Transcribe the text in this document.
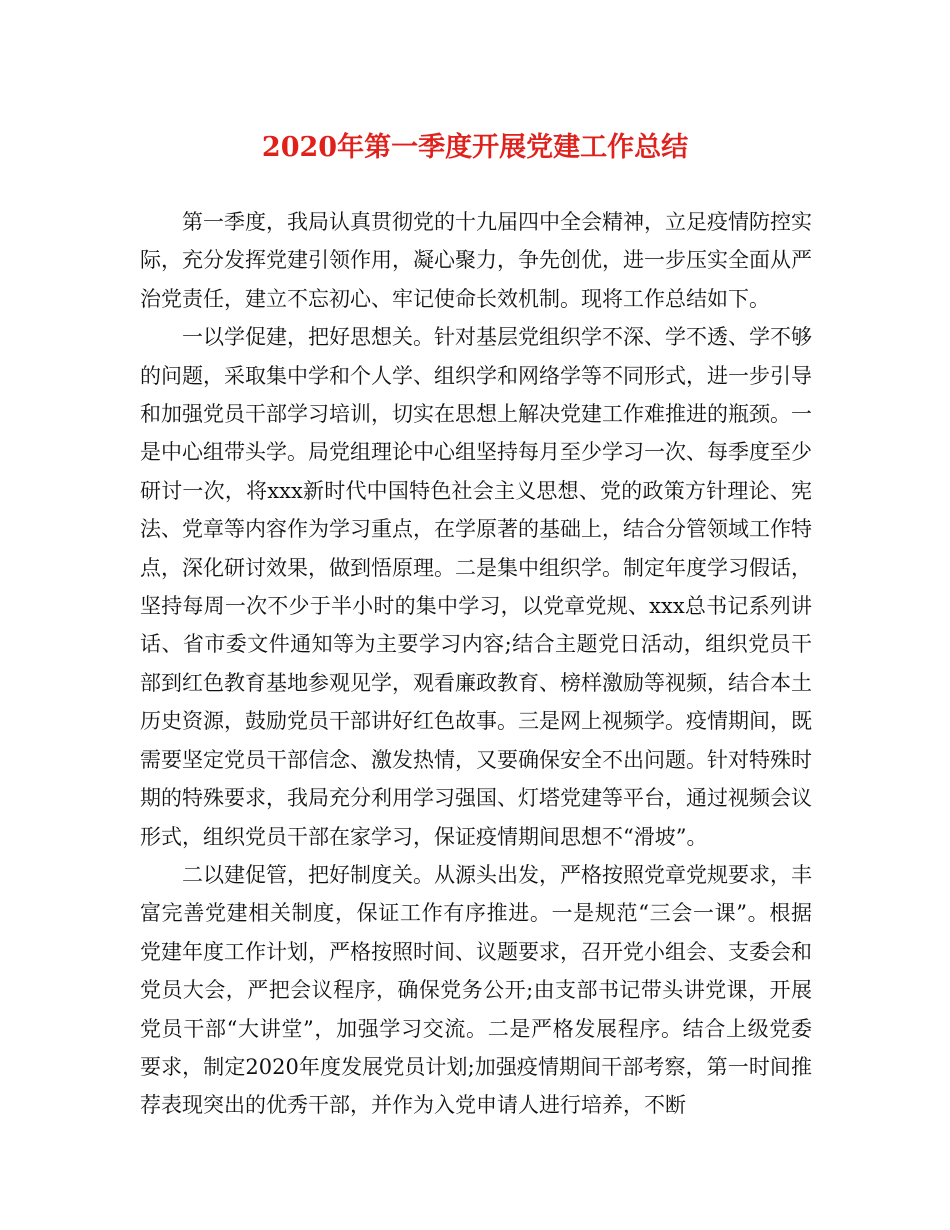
2020年第一季度开展党建工作总结

第一季度，我局认真贯彻党的十九届四中全会精神，立足疫情防控实际，充分发挥党建引领作用，凝心聚力，争先创优，进一步压实全面从严治党责任，建立不忘初心、牢记使命长效机制。现将工作总结如下。

一以学促建，把好思想关。针对基层党组织学不深、学不透、学不够的问题，采取集中学和个人学、组织学和网络学等不同形式，进一步引导和加强党员干部学习培训，切实在思想上解决党建工作难推进的瓶颈。一是中心组带头学。局党组理论中心组坚持每月至少学习一次、每季度至少研讨一次，将xxx新时代中国特色社会主义思想、党的政策方针理论、宪法、党章等内容作为学习重点，在学原著的基础上，结合分管领域工作特点，深化研讨效果，做到悟原理。二是集中组织学。制定年度学习假话，坚持每周一次不少于半小时的集中学习，以党章党规、xxx总书记系列讲话、省市委文件通知等为主要学习内容;结合主题党日活动，组织党员干部到红色教育基地参观见学，观看廉政教育、榜样激励等视频，结合本土历史资源，鼓励党员干部讲好红色故事。三是网上视频学。疫情期间，既需要坚定党员干部信念、激发热情，又要确保安全不出问题。针对特殊时期的特殊要求，我局充分利用学习强国、灯塔党建等平台，通过视频会议形式，组织党员干部在家学习，保证疫情期间思想不“滑坡”。

二以建促管，把好制度关。从源头出发，严格按照党章党规要求，丰富完善党建相关制度，保证工作有序推进。一是规范“三会一课”。根据党建年度工作计划，严格按照时间、议题要求，召开党小组会、支委会和党员大会，严把会议程序，确保党务公开;由支部书记带头讲党课，开展党员干部“大讲堂”，加强学习交流。二是严格发展程序。结合上级党委要求，制定2020年度发展党员计划;加强疫情期间干部考察，第一时间推荐表现突出的优秀干部，并作为入党申请人进行培养，不断
